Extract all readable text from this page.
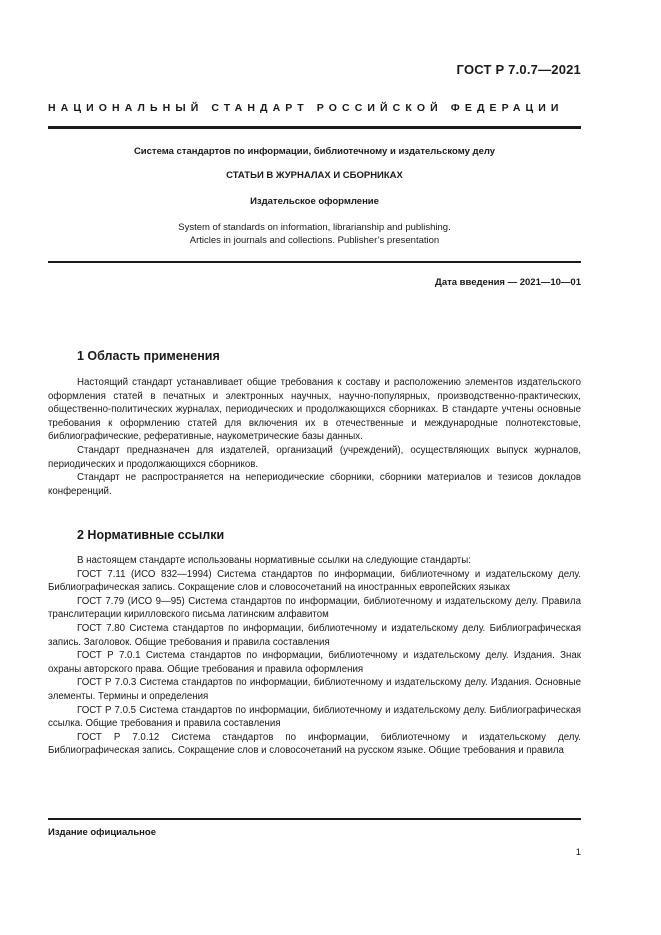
ГОСТ Р 7.0.7—2021
НАЦИОНАЛЬНЫЙ СТАНДАРТ РОССИЙСКОЙ ФЕДЕРАЦИИ
Система стандартов по информации, библиотечному и издательскому делу
СТАТЬИ В ЖУРНАЛАХ И СБОРНИКАХ
Издательское оформление
System of standards on information, librarianship and publishing.
Articles in journals and collections. Publisher’s presentation
Дата введения — 2021—10—01
1 Область применения

Настоящий стандарт устанавливает общие требования к составу и расположению элементов издательского оформления статей в печатных и электронных научных, научно-популярных, производственно-практических, общественно-политических журналах, периодических и продолжающихся сборниках. В стандарте учтены основные требования к оформлению статей для включения их в отечественные и международные полнотекстовые, библиографические, реферативные, наукометрические базы данных.

Стандарт предназначен для издателей, организаций (учреждений), осуществляющих выпуск журналов, периодических и продолжающихся сборников.

Стандарт не распространяется на непериодические сборники, сборники материалов и тезисов докладов конференций.

2 Нормативные ссылки

В настоящем стандарте использованы нормативные ссылки на следующие стандарты:

ГОСТ 7.11 (ИСО 832—1994) Система стандартов по информации, библиотечному и издательскому делу. Библиографическая запись. Сокращение слов и словосочетаний на иностранных европейских языках

ГОСТ 7.79 (ИСО 9—95) Система стандартов по информации, библиотечному и издательскому делу. Правила транслитерации кирилловского письма латинским алфавитом

ГОСТ 7.80 Система стандартов по информации, библиотечному и издательскому делу. Библиографическая запись. Заголовок. Общие требования и правила составления

ГОСТ Р 7.0.1 Система стандартов по информации, библиотечному и издательскому делу. Издания. Знак охраны авторского права. Общие требования и правила оформления

ГОСТ Р 7.0.3 Система стандартов по информации, библиотечному и издательскому делу. Издания. Основные элементы. Термины и определения

ГОСТ Р 7.0.5 Система стандартов по информации, библиотечному и издательскому делу. Библиографическая ссылка. Общие требования и правила составления

ГОСТ Р 7.0.12 Система стандартов по информации, библиотечному и издательскому делу. Библиографическая запись. Сокращение слов и словосочетаний на русском языке. Общие требования и правила

Издание официальное
1
